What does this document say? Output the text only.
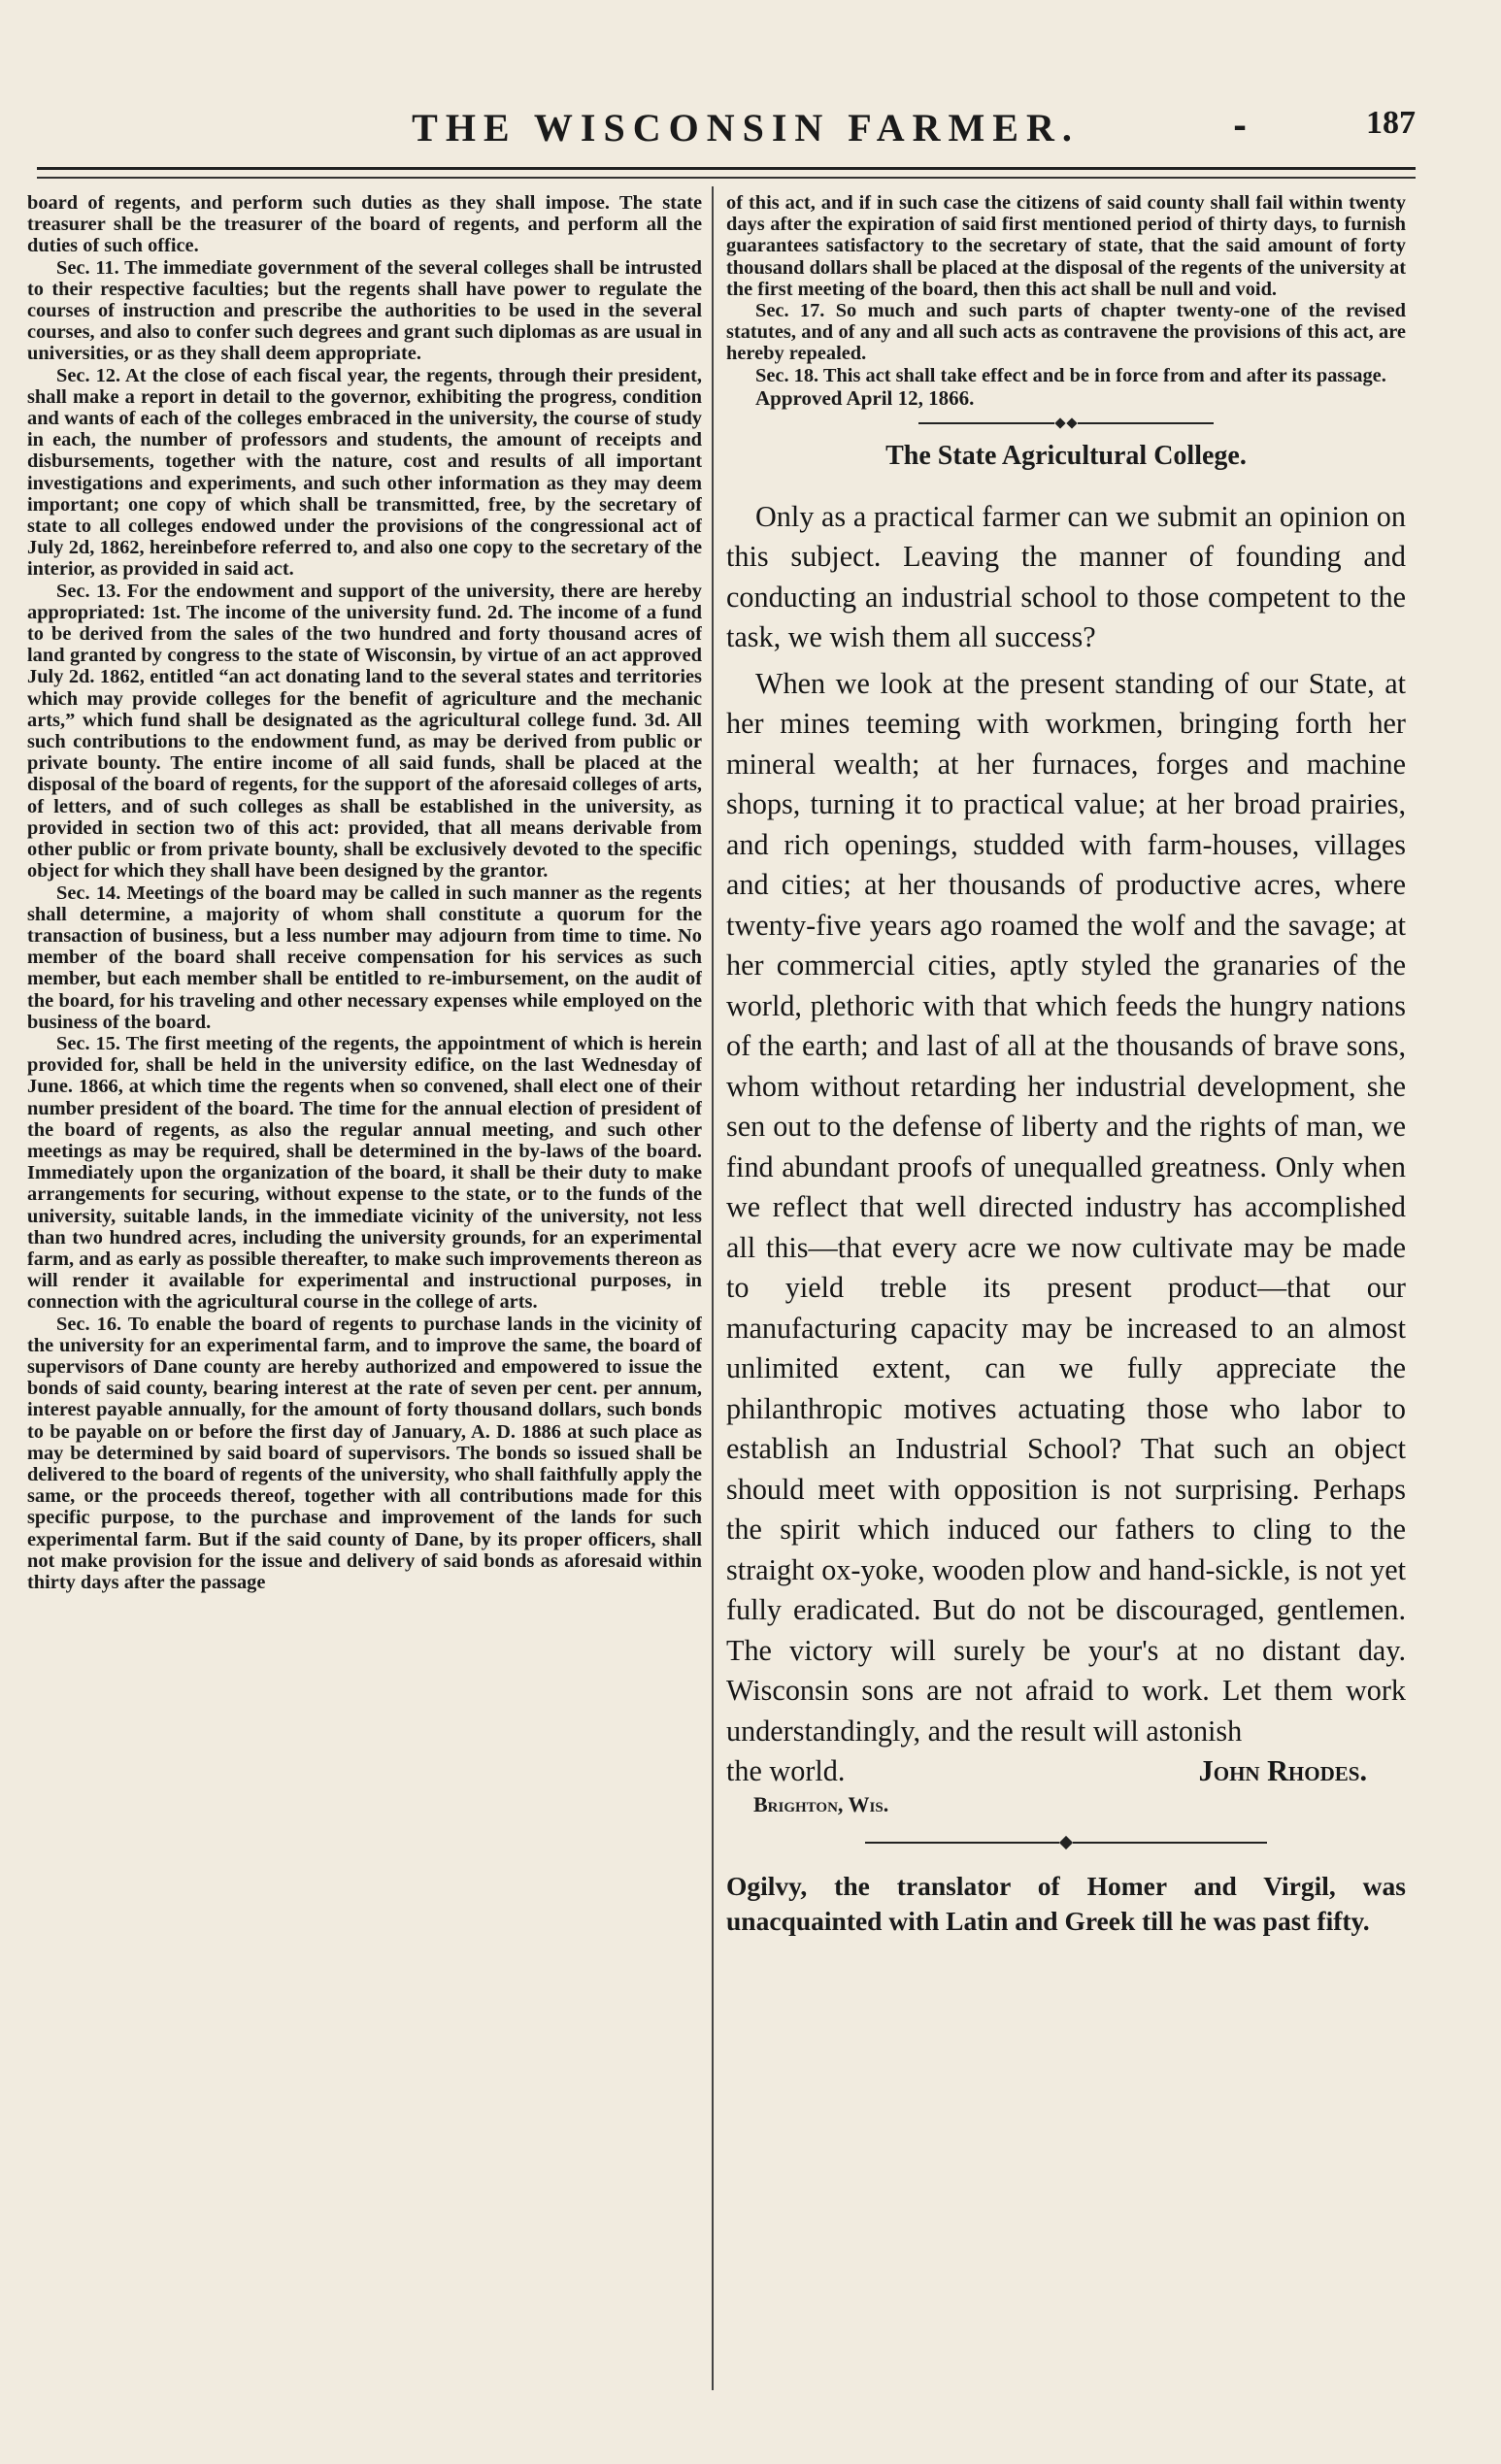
THE WISCONSIN FARMER.	-	187

board of regents, and perform such duties as they shall impose. The state treasurer shall be the treasurer of the board of regents, and perform all the duties of such office.

Sec. 11. The immediate government of the several colleges shall be intrusted to their respective faculties; but the regents shall have power to regulate the courses of instruction and prescribe the authorities to be used in the several courses, and also to confer such degrees and grant such diplomas as are usual in universities, or as they shall deem appropriate.

Sec. 12. At the close of each fiscal year, the regents, through their president, shall make a report in detail to the governor, exhibiting the progress, condition and wants of each of the colleges embraced in the university, the course of study in each, the number of professors and students, the amount of receipts and disbursements, together with the nature, cost and results of all important investigations and experiments, and such other information as they may deem important; one copy of which shall be transmitted, free, by the secretary of state to all colleges endowed under the provisions of the congressional act of July 2d, 1862, hereinbefore referred to, and also one copy to the secretary of the interior, as provided in said act.

Sec. 13. For the endowment and support of the university, there are hereby appropriated: 1st. The income of the university fund. 2d. The income of a fund to be derived from the sales of the two hundred and forty thousand acres of land granted by congress to the state of Wisconsin, by virtue of an act approved July 2d. 1862, entitled “an act donating land to the several states and territories which may provide colleges for the benefit of agriculture and the mechanic arts,” which fund shall be designated as the agricultural college fund. 3d. All such contributions to the endowment fund, as may be derived from public or private bounty. The entire income of all said funds, shall be placed at the disposal of the board of regents, for the support of the aforesaid colleges of arts, of letters, and of such colleges as shall be established in the university, as provided in section two of this act: provided, that all means derivable from other public or from private bounty, shall be exclusively devoted to the specific object for which they shall have been designed by the grantor.

Sec. 14. Meetings of the board may be called in such manner as the regents shall determine, a majority of whom shall constitute a quorum for the transaction of business, but a less number may adjourn from time to time. No member of the board shall receive compensation for his services as such member, but each member shall be entitled to re-imbursement, on the audit of the board, for his traveling and other necessary expenses while employed on the business of the board.

Sec. 15. The first meeting of the regents, the appointment of which is herein provided for, shall be held in the university edifice, on the last Wednesday of June. 1866, at which time the regents when so convened, shall elect one of their number president of the board. The time for the annual election of president of the board of regents, as also the regular annual meeting, and such other meetings as may be required, shall be determined in the by-laws of the board. Immediately upon the organization of the board, it shall be their duty to make arrangements for securing, without expense to the state, or to the funds of the university, suitable lands, in the immediate vicinity of the university, not less than two hundred acres, including the university grounds, for an experimental farm, and as early as possible thereafter, to make such improvements thereon as will render it available for experimental and instructional purposes, in connection with the agricultural course in the college of arts.

Sec. 16. To enable the board of regents to purchase lands in the vicinity of the university for an experimental farm, and to improve the same, the board of supervisors of Dane county are hereby authorized and empowered to issue the bonds of said county, bearing interest at the rate of seven per cent. per annum, interest payable annually, for the amount of forty thousand dollars, such bonds to be payable on or before the first day of January, A. D. 1886 at such place as may be determined by said board of supervisors. The bonds so issued shall be delivered to the board of regents of the university, who shall faithfully apply the same, or the proceeds thereof, together with all contributions made for this specific purpose, to the purchase and improvement of the lands for such experimental farm. But if the said county of Dane, by its proper officers, shall not make provision for the issue and delivery of said bonds as aforesaid within thirty days after the passage

of this act, and if in such case the citizens of said county shall fail within twenty days after the expiration of said first mentioned period of thirty days, to furnish guarantees satisfactory to the secretary of state, that the said amount of forty thousand dollars shall be placed at the disposal of the regents of the university at the first meeting of the board, then this act shall be null and void.

Sec. 17. So much and such parts of chapter twenty-one of the revised statutes, and of any and all such acts as contravene the provisions of this act, are hereby repealed.

Sec. 18. This act shall take effect and be in force from and after its passage.

Approved April 12, 1866.

The State Agricultural College.

Only as a practical farmer can we submit an opinion on this subject. Leaving the manner of founding and conducting an industrial school to those competent to the task, we wish them all success?

When we look at the present standing of our State, at her mines teeming with workmen, bringing forth her mineral wealth; at her furnaces, forges and machine shops, turning it to practical value; at her broad prairies, and rich openings, studded with farm-houses, villages and cities; at her thousands of productive acres, where twenty-five years ago roamed the wolf and the savage; at her commercial cities, aptly styled the granaries of the world, plethoric with that which feeds the hungry nations of the earth; and last of all at the thousands of brave sons, whom without retarding her industrial development, she sen out to the defense of liberty and the rights of man, we find abundant proofs of unequalled greatness. Only when we reflect that well directed industry has accomplished all this—that every acre we now cultivate may be made to yield treble its present product—that our manufacturing capacity may be increased to an almost unlimited extent, can we fully appreciate the philanthropic motives actuating those who labor to establish an Industrial School? That such an object should meet with opposition is not surprising. Perhaps the spirit which induced our fathers to cling to the straight ox-yoke, wooden plow and hand-sickle, is not yet fully eradicated. But do not be discouraged, gentlemen. The victory will surely be your's at no distant day. Wisconsin sons are not afraid to work. Let them work understandingly, and the result will astonish

the world.	John Rhodes.

Brighton, Wis.

Ogilvy, the translator of Homer and Virgil, was unacquainted with Latin and Greek till he was past fifty.
